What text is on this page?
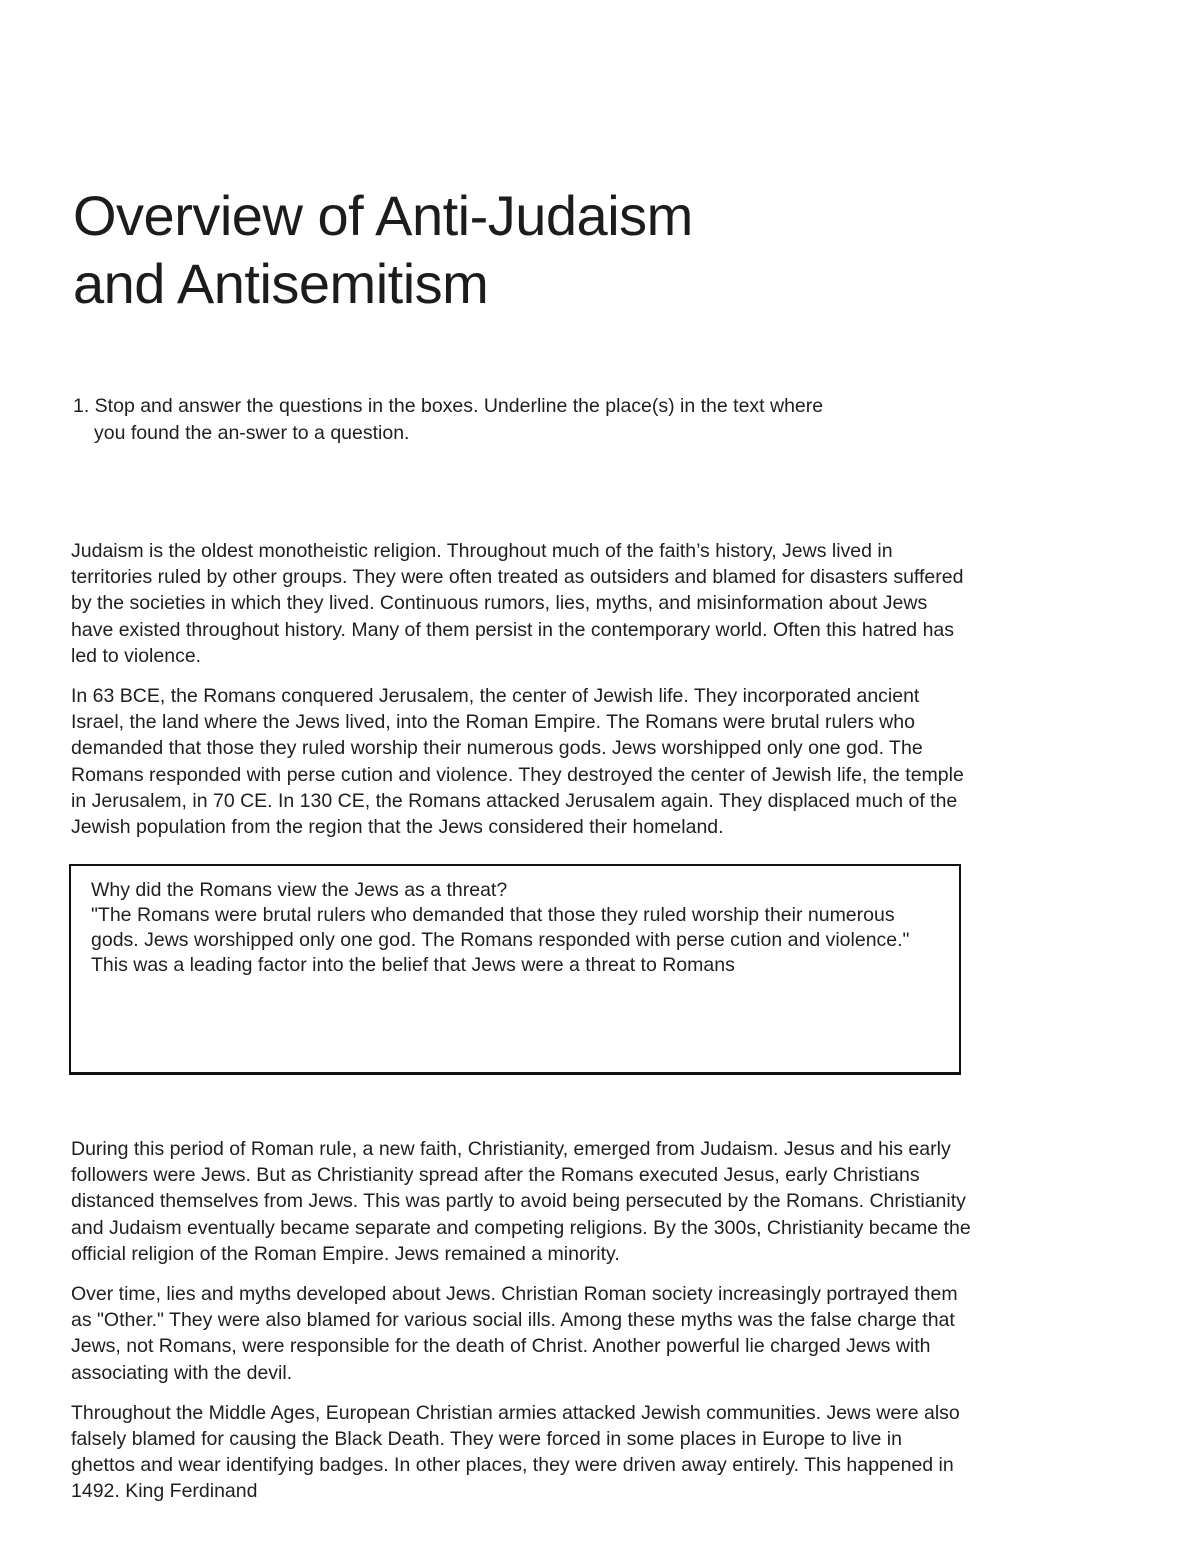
Overview of Anti-Judaism
and Antisemitism
1. Stop and answer the questions in the boxes. Underline the place(s) in the text where
you found the an-swer to a question.

Judaism is the oldest monotheistic religion. Throughout much of the faith’s history, Jews lived in territories ruled by other groups. They were often treated as outsiders and blamed for disasters suffered by the societies in which they lived. Continuous rumors, lies, myths, and misinformation about Jews have existed throughout history. Many of them persist in the contemporary world. Often this hatred has led to violence.

In 63 BCE, the Romans conquered Jerusalem, the center of Jewish life. They incorporated ancient Israel, the land where the Jews lived, into the Roman Empire. The Romans were brutal rulers who demanded that those they ruled worship their numerous gods. Jews worshipped only one god. The Romans responded with perse cution and violence. They destroyed the center of Jewish life, the temple in Jerusalem, in 70 CE. In 130 CE, the Romans attacked Jerusalem again. They displaced much of the Jewish population from the region that the Jews considered their homeland.

Why did the Romans view the Jews as a threat?
"The Romans were brutal rulers who demanded that those they ruled worship their numerous gods. Jews worshipped only one god. The Romans responded with perse cution and violence." This was a leading factor into the belief that Jews were a threat to Romans

During this period of Roman rule, a new faith, Christianity, emerged from Judaism. Jesus and his early followers were Jews. But as Christianity spread after the Romans executed Jesus, early Christians distanced themselves from Jews. This was partly to avoid being persecuted by the Romans. Christianity and Judaism eventually became separate and competing religions. By the 300s, Christianity became the official religion of the Roman Empire. Jews remained a minority.

Over time, lies and myths developed about Jews. Christian Roman society increasingly portrayed them as "Other." They were also blamed for various social ills. Among these myths was the false charge that Jews, not Romans, were responsible for the death of Christ. Another powerful lie charged Jews with associating with the devil.

Throughout the Middle Ages, European Christian armies attacked Jewish communities. Jews were also falsely blamed for causing the Black Death. They were forced in some places in Europe to live in ghettos and wear identifying badges. In other places, they were driven away entirely. This happened in 1492. King Ferdinand
